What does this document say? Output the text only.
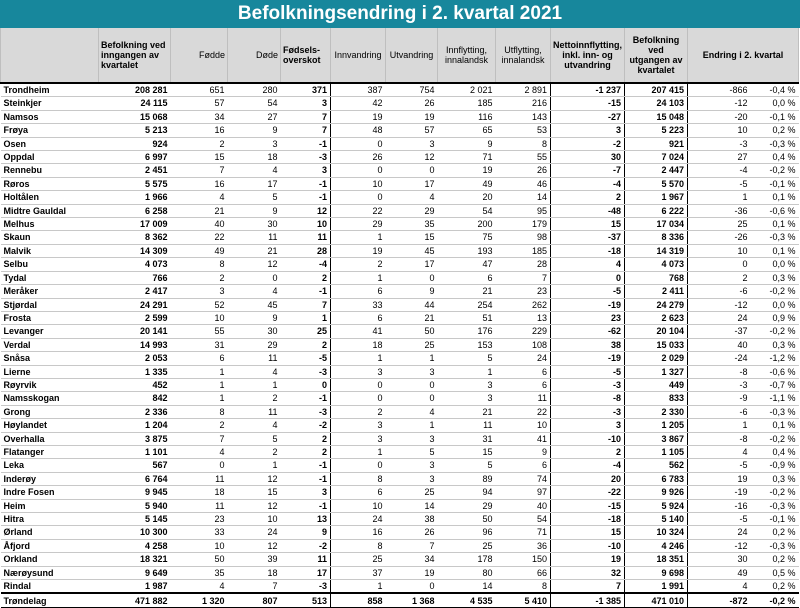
Befolkningsendring i 2. kvartal 2021
	Befolkning ved inngangen av kvartalet	Fødde	Døde	Fødsels-overskot	Innvandring	Utvandring	Innflytting, innalandsk	Utflytting, innalandsk	Nettoinnflytting, inkl. inn- og utvandring	Befolkning ved utgangen av kvartalet	Endring i 2. kvartal	
Trondheim	208 281	651	280	371	387	754	2 021	2 891	-1 237	207 415	-866	-0,4 %
Steinkjer	24 115	57	54	3	42	26	185	216	-15	24 103	-12	0,0 %
Namsos	15 068	34	27	7	19	19	116	143	-27	15 048	-20	-0,1 %
Frøya	5 213	16	9	7	48	57	65	53	3	5 223	10	0,2 %
Osen	924	2	3	-1	0	3	9	8	-2	921	-3	-0,3 %
Oppdal	6 997	15	18	-3	26	12	71	55	30	7 024	27	0,4 %
Rennebu	2 451	7	4	3	0	0	19	26	-7	2 447	-4	-0,2 %
Røros	5 575	16	17	-1	10	17	49	46	-4	5 570	-5	-0,1 %
Holtålen	1 966	4	5	-1	0	4	20	14	2	1 967	1	0,1 %
Midtre Gauldal	6 258	21	9	12	22	29	54	95	-48	6 222	-36	-0,6 %
Melhus	17 009	40	30	10	29	35	200	179	15	17 034	25	0,1 %
Skaun	8 362	22	11	11	1	15	75	98	-37	8 336	-26	-0,3 %
Malvik	14 309	49	21	28	19	45	193	185	-18	14 319	10	0,1 %
Selbu	4 073	8	12	-4	2	17	47	28	4	4 073	0	0,0 %
Tydal	766	2	0	2	1	0	6	7	0	768	2	0,3 %
Meråker	2 417	3	4	-1	6	9	21	23	-5	2 411	-6	-0,2 %
Stjørdal	24 291	52	45	7	33	44	254	262	-19	24 279	-12	0,0 %
Frosta	2 599	10	9	1	6	21	51	13	23	2 623	24	0,9 %
Levanger	20 141	55	30	25	41	50	176	229	-62	20 104	-37	-0,2 %
Verdal	14 993	31	29	2	18	25	153	108	38	15 033	40	0,3 %
Snåsa	2 053	6	11	-5	1	1	5	24	-19	2 029	-24	-1,2 %
Lierne	1 335	1	4	-3	3	3	1	6	-5	1 327	-8	-0,6 %
Røyrvik	452	1	1	0	0	0	3	6	-3	449	-3	-0,7 %
Namsskogan	842	1	2	-1	0	0	3	11	-8	833	-9	-1,1 %
Grong	2 336	8	11	-3	2	4	21	22	-3	2 330	-6	-0,3 %
Høylandet	1 204	2	4	-2	3	1	11	10	3	1 205	1	0,1 %
Overhalla	3 875	7	5	2	3	3	31	41	-10	3 867	-8	-0,2 %
Flatanger	1 101	4	2	2	1	5	15	9	2	1 105	4	0,4 %
Leka	567	0	1	-1	0	3	5	6	-4	562	-5	-0,9 %
Inderøy	6 764	11	12	-1	8	3	89	74	20	6 783	19	0,3 %
Indre Fosen	9 945	18	15	3	6	25	94	97	-22	9 926	-19	-0,2 %
Heim	5 940	11	12	-1	10	14	29	40	-15	5 924	-16	-0,3 %
Hitra	5 145	23	10	13	24	38	50	54	-18	5 140	-5	-0,1 %
Ørland	10 300	33	24	9	16	26	96	71	15	10 324	24	0,2 %
Åfjord	4 258	10	12	-2	8	7	25	36	-10	4 246	-12	-0,3 %
Orkland	18 321	50	39	11	25	34	178	150	19	18 351	30	0,2 %
Nærøysund	9 649	35	18	17	37	19	80	66	32	9 698	49	0,5 %
Rindal	1 987	4	7	-3	1	0	14	8	7	1 991	4	0,2 %
Trøndelag	471 882	1 320	807	513	858	1 368	4 535	5 410	-1 385	471 010	-872	-0,2 %
